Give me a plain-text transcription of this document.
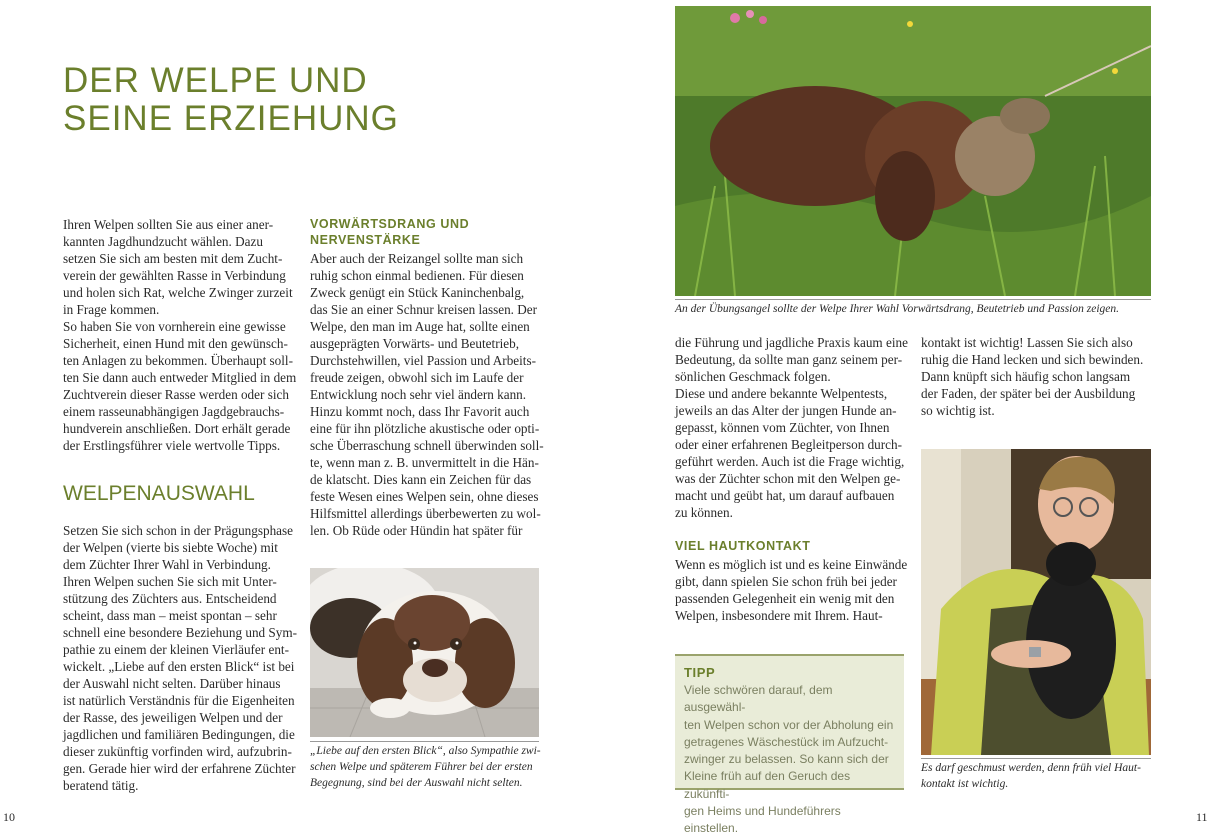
DER WELPE UND
SEINE ERZIEHUNG
Ihren Welpen sollten Sie aus einer aner-
kannten Jagdhundzucht wählen. Dazu
setzen Sie sich am besten mit dem Zucht-
verein der gewählten Rasse in Verbindung
und holen sich Rat, welche Zwinger zurzeit
in Frage kommen.
So haben Sie von vornherein eine gewisse
Sicherheit, einen Hund mit den gewünsch-
ten Anlagen zu bekommen. Überhaupt soll-
ten Sie dann auch entweder Mitglied in dem
Zuchtverein dieser Rasse werden oder sich
einem rasseunabhängigen Jagdgebrauchs-
hundverein anschließen. Dort erhält gerade
der Erstlingsführer viele wertvolle Tipps.
WELPENAUSWAHL
Setzen Sie sich schon in der Prägungsphase
der Welpen (vierte bis siebte Woche) mit
dem Züchter Ihrer Wahl in Verbindung.
Ihren Welpen suchen Sie sich mit Unter-
stützung des Züchters aus. Entscheidend
scheint, dass man – meist spontan – sehr
schnell eine besondere Beziehung und Sym-
pathie zu einem der kleinen Vierläufer ent-
wickelt. „Liebe auf den ersten Blick“ ist bei
der Auswahl nicht selten. Darüber hinaus
ist natürlich Verständnis für die Eigenheiten
der Rasse, des jeweiligen Welpen und der
jagdlichen und familiären Bedingungen, die
dieser zukünftig vorfinden wird, aufzubrin-
gen. Gerade hier wird der erfahrene Züchter
beratend tätig.
VORWÄRTSDRANG UND
NERVENSTÄRKE
Aber auch der Reizangel sollte man sich
ruhig schon einmal bedienen. Für diesen
Zweck genügt ein Stück Kaninchenbalg,
das Sie an einer Schnur kreisen lassen. Der
Welpe, den man im Auge hat, sollte einen
ausgeprägten Vorwärts- und Beutetrieb,
Durchstehwillen, viel Passion und Arbeits-
freude zeigen, obwohl sich im Laufe der
Entwicklung noch sehr viel ändern kann.
Hinzu kommt noch, dass Ihr Favorit auch
eine für ihn plötzliche akustische oder opti-
sche Überraschung schnell überwinden soll-
te, wenn man z. B. unvermittelt in die Hän-
de klatscht. Dies kann ein Zeichen für das
feste Wesen eines Welpen sein, ohne dieses
Hilfsmittel allerdings überbewerten zu wol-
len. Ob Rüde oder Hündin hat später für
„Liebe auf den ersten Blick“, also Sympathie zwi-
schen Welpe und späterem Führer bei der ersten
Begegnung, sind bei der Auswahl nicht selten.
An der Übungsangel sollte der Welpe Ihrer Wahl Vorwärtsdrang, Beutetrieb und Passion zeigen.
die Führung und jagdliche Praxis kaum eine
Bedeutung, da sollte man ganz seinem per-
sönlichen Geschmack folgen.
Diese und andere bekannte Welpentests,
jeweils an das Alter der jungen Hunde an-
gepasst, können vom Züchter, von Ihnen
oder einer erfahrenen Begleitperson durch-
geführt werden. Auch ist die Frage wichtig,
was der Züchter schon mit den Welpen ge-
macht und geübt hat, um darauf aufbauen
zu können.
VIEL HAUTKONTAKT
Wenn es möglich ist und es keine Einwände
gibt, dann spielen Sie schon früh bei jeder
passenden Gelegenheit ein wenig mit den
Welpen, insbesondere mit Ihrem. Haut-
TIPP
Viele schwören darauf, dem ausgewähl-
ten Welpen schon vor der Abholung ein
getragenes Wäschestück im Aufzucht-
zwinger zu belassen. So kann sich der
Kleine früh auf den Geruch des zukünfti-
gen Heims und Hundeführers einstellen.
kontakt ist wichtig! Lassen Sie sich also
ruhig die Hand lecken und sich bewinden.
Dann knüpft sich häufig schon langsam
der Faden, der später bei der Ausbildung
so wichtig ist.
Es darf geschmust werden, denn früh viel Haut-
kontakt ist wichtig.
10	11
